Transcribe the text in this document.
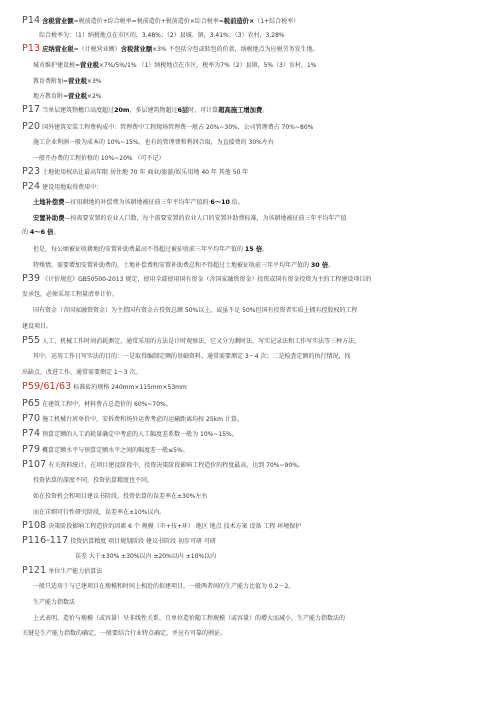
P14 含税营业额=税前造价+综合税率=税前造价+税前造价×综合税率=税前造价×（1+综合税率）
综合税率为：（1）纳税地点在市区的，3.48%；（2）县城、镇，3.41%；（3）农村，3.28%
P13 应纳营业税=（计税营业额）含税营业额×3% 不包括分包或转包的价款，纳税地点为应税劳务发生地。
城市维护建设税=营业税×7%/5%/1% （1）纳税地点在市区，税率为7%（2）县镇，5%（3）农村，1%
教育费附加=营业税×3%
地方教育附=营业税×2%
P17 当单层建筑物檐口高度超过20m，多层建筑物超过6层时，可计算超高施工增加费。
P20 国外建筑安装工程费构成中：管理费中工程现场管理费一般占 20%~30%，公司管理费占 70%~80%
施工企业利润一般为成本的 10%~15%，也有的管理费和利润合取，为直接费的 30%左右
一般开办费的工程价格的 10%~20% （可不记）
P23 土地使用权出让最高年限 居住地 70 年 商业/旅游/娱乐用地 40 年 其他 50 年
P24 建设用地取得费用中：
土地补偿费—征用耕地的补偿费为该耕地被征前三年平均年产值的 6～10 倍。
安置补助费—按需要安置的农业人口数，每个需要安置的农业人口的安置补助费标准，为该耕地被征前三年平均年产值
的 4～6 倍。
但是，每公顷被征收耕地的安置补助费最高不得超过被征收前三年平均年产值的 15 倍。
特殊情，需要增加安置补助费的，土地补偿费和安置补助费总和不得超过土地被征收前三年平均年产值的 30 倍。
P39 《计价规范》GB50500-2013 规定，使用全部使用国有资金（含国家融资资金）投资或国有资金投资为主的工程建设项目的
发承包，必须采用工程量清单计价。
国有资金（含国家融资资金）为主指国有资金占投资总额 50%以上，或虽不足 50%但国有投资者实质上拥有控股权的工程
建设项目。
P55 人工、机械工作时间消耗测定，通常采用的方法是计时观察法，它又分为测时法、写实记录法和工作写实法等三种方法。
其中，运用工作日写实法的目的：一是取得编制定额的基础资料，通常需要测定 3～4 次；二是检查定额的执行情况，找
出缺点，改进工作，通常需要测定 1～3 次。
P59/61/63 标准砖的规格 240mm×115mm×53mm
P65 在建筑工程中，材料费占总造价的 60%~70%。
P70 施工机械台班单价中，安拆费和场外运费考虑的运输距离均按 25km 计算。
P74 预算定额的人工消耗量确定中考虑的人工幅度差系数一般为 10%~15%。
P79 概算定额水平与预算定额水平之间的幅度差一般≤5%。
P107 有关资料统计，在项目建设阶段中，投资决策阶段影响工程造价的程度最高，达到 70%~90%。
投资估算的深度不同，投资估算精度也不同。
如在投资机会和项目建议书阶段，投资估算的误差率在±30%左右
而在详细可行性研究阶段，误差率在±10%以内。
P108 决策阶段影响工程造价的因素 6 个 规模（市+技+环） 地区 地点 技术方案 设备 工程 环境保护
P116-117 投资估算精度 项目规划阶段 建议书阶段 初步可研 可研
误差 大于±30% ±30%以内 ±20%以内 ±10%以内
P121 单位生产能力估算法
一般只适用于与已建项目在规模和时间上相近的拟建项目，一般两者间的生产能力比值为 0.2～2。
生产能力指数法
上式表明，造价与规模（或容量）呈非线性关系，且单位造价随工程规模（或容量）的增大而减小，生产能力指数法的
关键是生产能力指数的确定，一般要结合行业特点确定，并应有可靠的例证。
